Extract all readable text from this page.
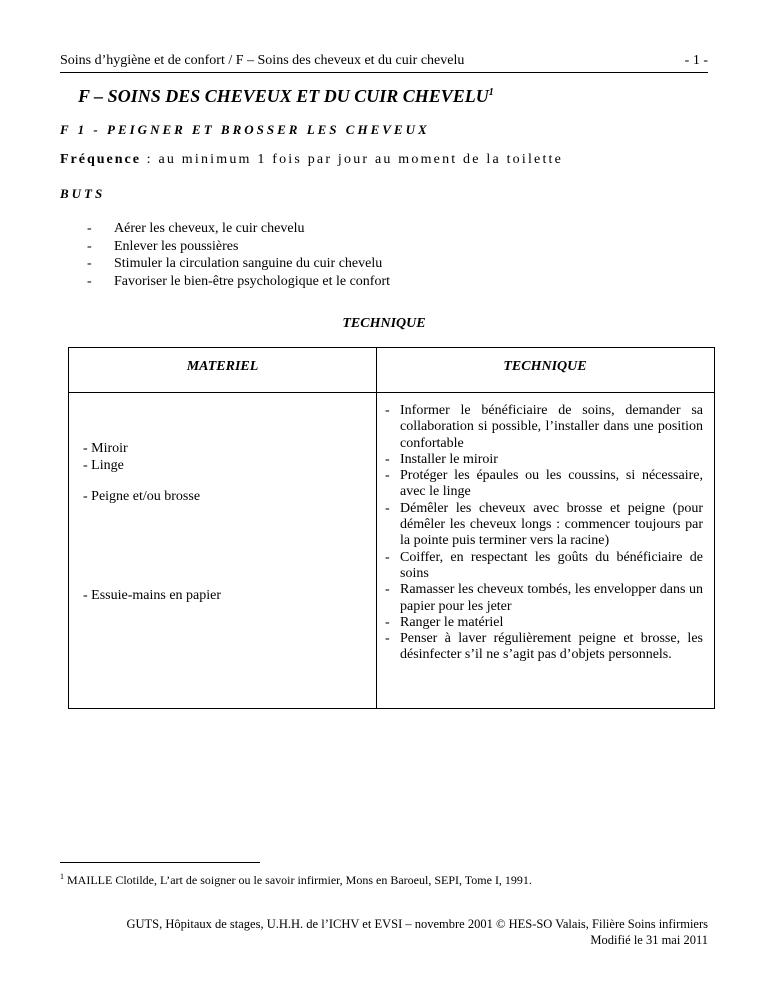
Soins d’hygiène et de confort / F – Soins des cheveux et du cuir chevelu	- 1 -
F – SOINS DES CHEVEUX ET DU CUIR CHEVELU$^1$
F 1 - PEIGNER ET BROSSER LES CHEVEUX
Fréquence : au minimum 1 fois par jour au moment de la toilette
BUTS
- Aérer les cheveux, le cuir chevelu
- Enlever les poussières
- Stimuler la circulation sanguine du cuir chevelu
- Favoriser le bien-être psychologique et le confort
TECHNIQUE
MATERIEL	TECHNIQUE
- Miroir
- Linge
- Peigne et/ou brosse
- Essuie-mains en papier
- Informer le bénéficiaire de soins, demander sa collaboration si possible, l’installer dans une position confortable
- Installer le miroir
- Protéger les épaules ou les coussins, si nécessaire, avec le linge
- Démêler les cheveux avec brosse et peigne (pour démêler les cheveux longs : commencer toujours par la pointe puis terminer vers la racine)
- Coiffer, en respectant les goûts du bénéficiaire de soins
- Ramasser les cheveux tombés, les envelopper dans un papier pour les jeter
- Ranger le matériel
- Penser à laver régulièrement peigne et brosse, les désinfecter s’il ne s’agit pas d’objets personnels.
$^1$ MAILLE Clotilde, L’art de soigner ou le savoir infirmier, Mons en Baroeul, SEPI, Tome I, 1991.
GUTS, Hôpitaux de stages, U.H.H. de l’ICHV et EVSI – novembre 2001 © HES-SO Valais, Filière Soins infirmiers
Modifié le 31 mai 2011
